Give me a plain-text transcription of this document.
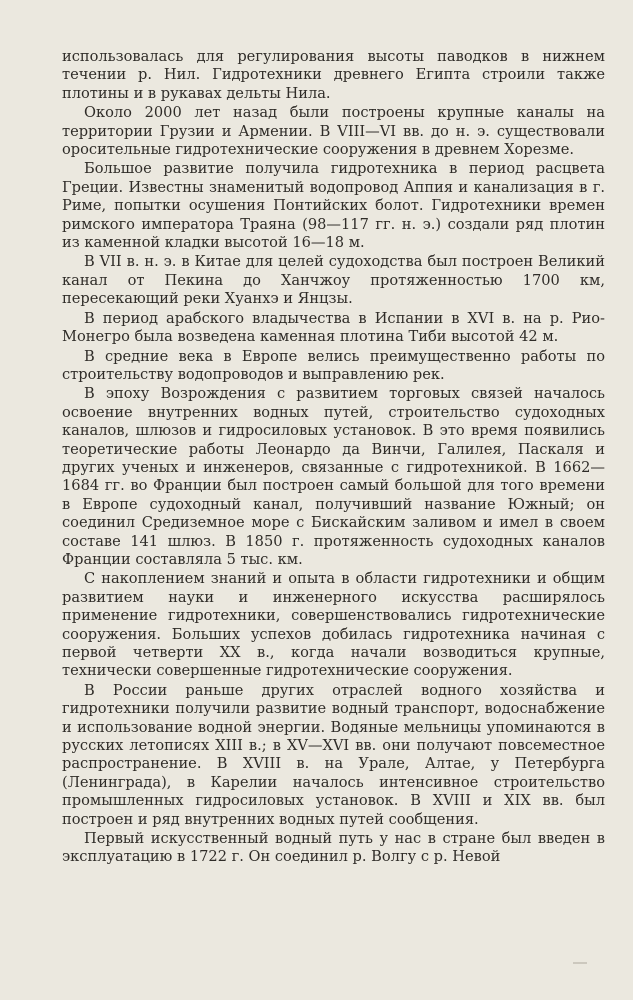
использовалась для регулирования высоты паводков в нижнем течении р. Нил. Гидротехники древнего Египта строили также плотины и в рукавах дельты Нила.

Около 2000 лет назад были построены крупные каналы на территории Грузии и Армении. В VIII—VI вв. до н. э. существовали оросительные гидротехнические сооружения в древнем Хорезме.

Большое развитие получила гидротехника в период расцвета Греции. Известны знаменитый водопровод Аппия и канализация в г. Риме, попытки осушения Понтийских болот. Гидротехники времен римского императора Траяна (98—117 гг. н. э.) создали ряд плотин из каменной кладки высотой 16—18 м.

В VII в. н. э. в Китае для целей судоходства был построен Великий канал от Пекина до Ханчжоу протяженностью 1700 км, пересекающий реки Хуанхэ и Янцзы.

В период арабского владычества в Испании в XVI в. на р. Рио-Монегро была возведена каменная плотина Тиби высотой 42 м.

В средние века в Европе велись преимущественно работы по строительству водопроводов и выправлению рек.

В эпоху Возрождения с развитием торговых связей началось освоение внутренних водных путей, строительство судоходных каналов, шлюзов и гидросиловых установок. В это время появились теоретические работы Леонардо да Винчи, Галилея, Паскаля и других ученых и инженеров, связанные с гидротехникой. В 1662—1684 гг. во Франции был построен самый большой для того времени в Европе судоходный канал, получивший название Южный; он соединил Средиземное море с Бискайским заливом и имел в своем составе 141 шлюз. В 1850 г. протяженность судоходных каналов Франции составляла 5 тыс. км.

С накоплением знаний и опыта в области гидротехники и общим развитием науки и инженерного искусства расширялось применение гидротехники, совершенствовались гидротехнические сооружения. Больших успехов добилась гидротехника начиная с первой четверти XX в., когда начали возводиться крупные, технически совершенные гидротехнические сооружения.

В России раньше других отраслей водного хозяйства и гидротехники получили развитие водный транспорт, водоснабжение и использование водной энергии. Водяные мельницы упоминаются в русских летописях XIII в.; в XV—XVI вв. они получают повсеместное распространение. В XVIII в. на Урале, Алтае, у Петербурга (Ленинграда), в Карелии началось интенсивное строительство промышленных гидросиловых установок. В XVIII и XIX вв. был построен и ряд внутренних водных путей сообщения.

Первый искусственный водный путь у нас в стране был введен в эксплуатацию в 1722 г. Он соединил р. Волгу с р. Невой
